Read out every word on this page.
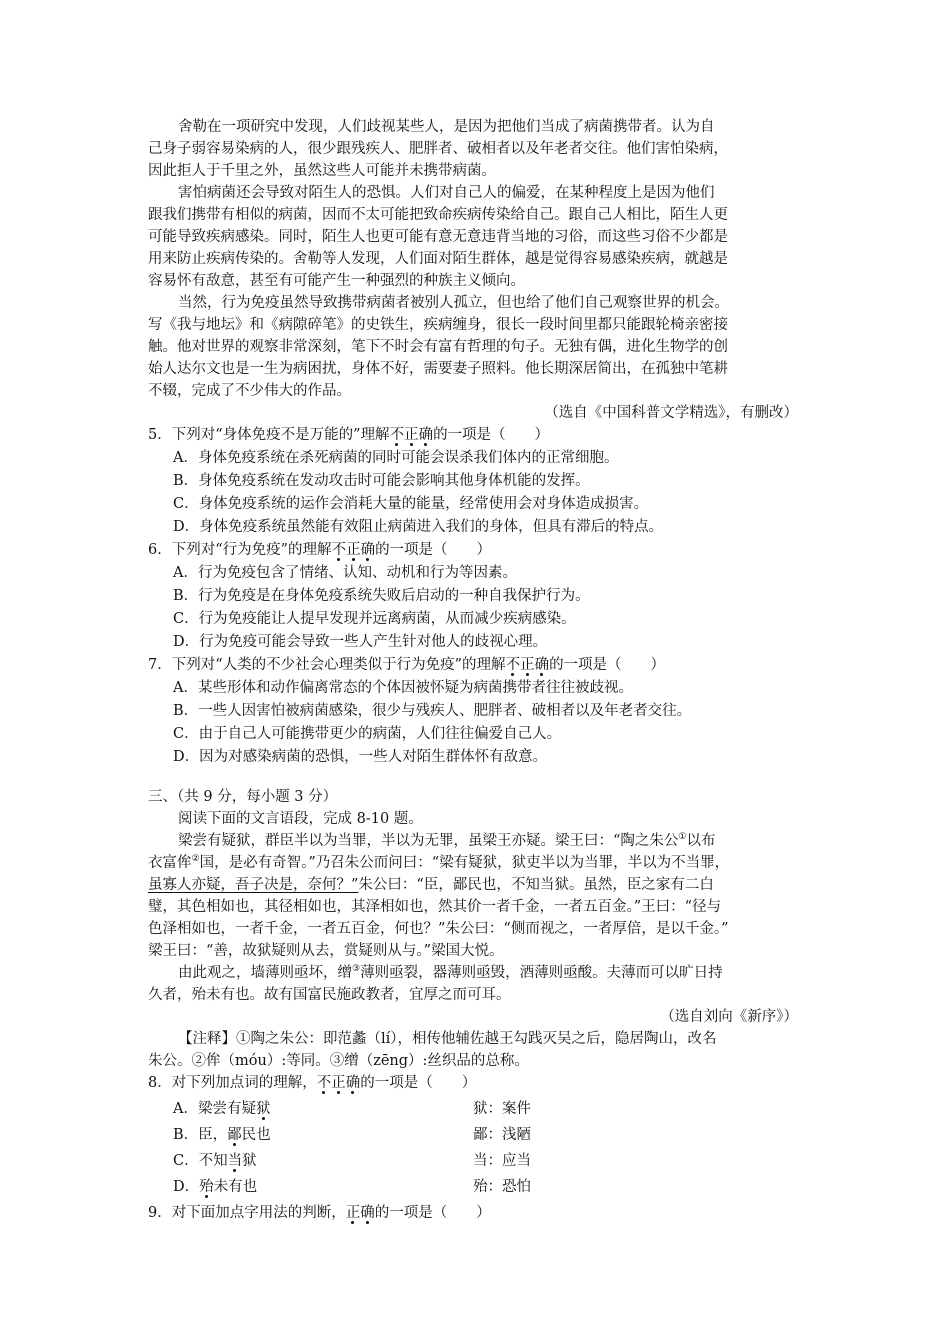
舍勒在一项研究中发现，人们歧视某些人，是因为把他们当成了病菌携带者。认为自
己身子弱容易染病的人，很少跟残疾人、肥胖者、破相者以及年老者交往。他们害怕染病，
因此拒人于千里之外，虽然这些人可能并未携带病菌。
害怕病菌还会导致对陌生人的恐惧。人们对自己人的偏爱，在某种程度上是因为他们
跟我们携带有相似的病菌，因而不太可能把致命疾病传染给自己。跟自己人相比，陌生人更
可能导致疾病感染。同时，陌生人也更可能有意无意违背当地的习俗，而这些习俗不少都是
用来防止疾病传染的。舍勒等人发现，人们面对陌生群体，越是觉得容易感染疾病，就越是
容易怀有敌意，甚至有可能产生一种强烈的种族主义倾向。
当然，行为免疫虽然导致携带病菌者被别人孤立，但也给了他们自己观察世界的机会。
写《我与地坛》和《病隙碎笔》的史铁生，疾病缠身，很长一段时间里都只能跟轮椅亲密接
触。他对世界的观察非常深刻，笔下不时会有富有哲理的句子。无独有偶，进化生物学的创
始人达尔文也是一生为病困扰，身体不好，需要妻子照料。他长期深居简出，在孤独中笔耕
不辍，完成了不少伟大的作品。
（选自《中国科普文学精选》，有删改）
5．下列对“身体免疫不是万能的”理解不正确的一项是（　　）
A．身体免疫系统在杀死病菌的同时可能会误杀我们体内的正常细胞。
B．身体免疫系统在发动攻击时可能会影响其他身体机能的发挥。
C．身体免疫系统的运作会消耗大量的能量，经常使用会对身体造成损害。
D．身体免疫系统虽然能有效阻止病菌进入我们的身体，但具有滞后的特点。
6．下列对“行为免疫”的理解不正确的一项是（　　）
A．行为免疫包含了情绪、认知、动机和行为等因素。
B．行为免疫是在身体免疫系统失败后启动的一种自我保护行为。
C．行为免疫能让人提早发现并远离病菌，从而减少疾病感染。
D．行为免疫可能会导致一些人产生针对他人的歧视心理。
7．下列对“人类的不少社会心理类似于行为免疫”的理解不正确的一项是（　　）
A．某些形体和动作偏离常态的个体因被怀疑为病菌携带者往往被歧视。
B．一些人因害怕被病菌感染，很少与残疾人、肥胖者、破相者以及年老者交往。
C．由于自己人可能携带更少的病菌，人们往往偏爱自己人。
D．因为对感染病菌的恐惧，一些人对陌生群体怀有敌意。
三、（共 9 分，每小题 3 分）
阅读下面的文言语段，完成 8-10 题。
梁尝有疑狱，群臣半以为当罪，半以为无罪，虽梁王亦疑。梁王曰：“陶之朱公①以布
衣富侔②国，是必有奇智。”乃召朱公而问曰：“梁有疑狱，狱吏半以为当罪，半以为不当罪，
虽寡人亦疑，吾子决是，奈何？”朱公曰：“臣，鄙民也，不知当狱。虽然，臣之家有二白
璧，其色相如也，其径相如也，其泽相如也，然其价一者千金，一者五百金。”王曰：“径与
色泽相如也，一者千金，一者五百金，何也？”朱公曰：“侧而视之，一者厚倍，是以千金。”
梁王曰：“善，故狱疑则从去，赏疑则从与。”梁国大悦。
由此观之，墙薄则亟坏，缯③薄则亟裂，器薄则亟毁，酒薄则亟酸。夫薄而可以旷日持
久者，殆未有也。故有国富民施政教者，宜厚之而可耳。
（选自刘向《新序》）
【注释】①陶之朱公：即范蠡（lí），相传他辅佐越王勾践灭吴之后，隐居陶山，改名
朱公。②侔（móu）:等同。③缯（zēng）:丝织品的总称。
8．对下列加点词的理解，不正确的一项是（　　）
A．梁尝有疑狱	狱：案件
B．臣，鄙民也	鄙：浅陋
C．不知当狱	当：应当
D．殆未有也	殆：恐怕
9．对下面加点字用法的判断，正确的一项是（　　）
